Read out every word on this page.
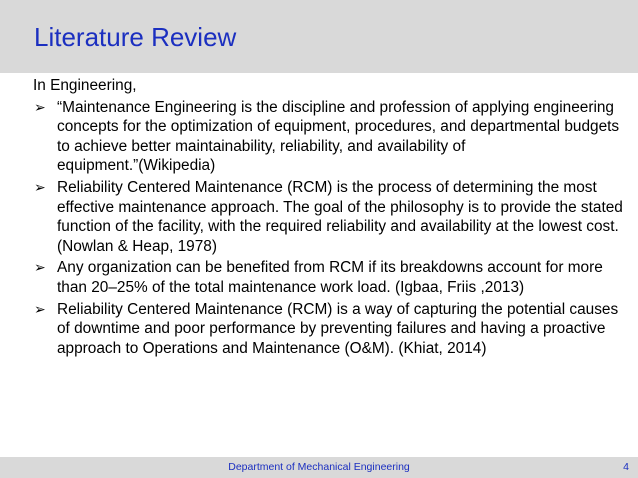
Literature Review
In Engineering,
➢ “Maintenance Engineering is the discipline and profession of applying engineering concepts for the optimization of equipment, procedures, and departmental budgets to achieve better maintainability, reliability, and availability of equipment.”(Wikipedia)
➢ Reliability Centered Maintenance (RCM) is the process of determining the most effective maintenance approach. The goal of the philosophy is to provide the stated function of the facility, with the required reliability and availability at the lowest cost. (Nowlan & Heap, 1978)
➢ Any organization can be benefited from RCM if its breakdowns account for more than 20–25% of the total maintenance work load. (Igbaa, Friis ,2013)
➢ Reliability Centered Maintenance (RCM) is a way of capturing the potential causes of downtime and poor performance by preventing failures and having a proactive approach to Operations and Maintenance (O&M). (Khiat, 2014)
Department of Mechanical Engineering	4
